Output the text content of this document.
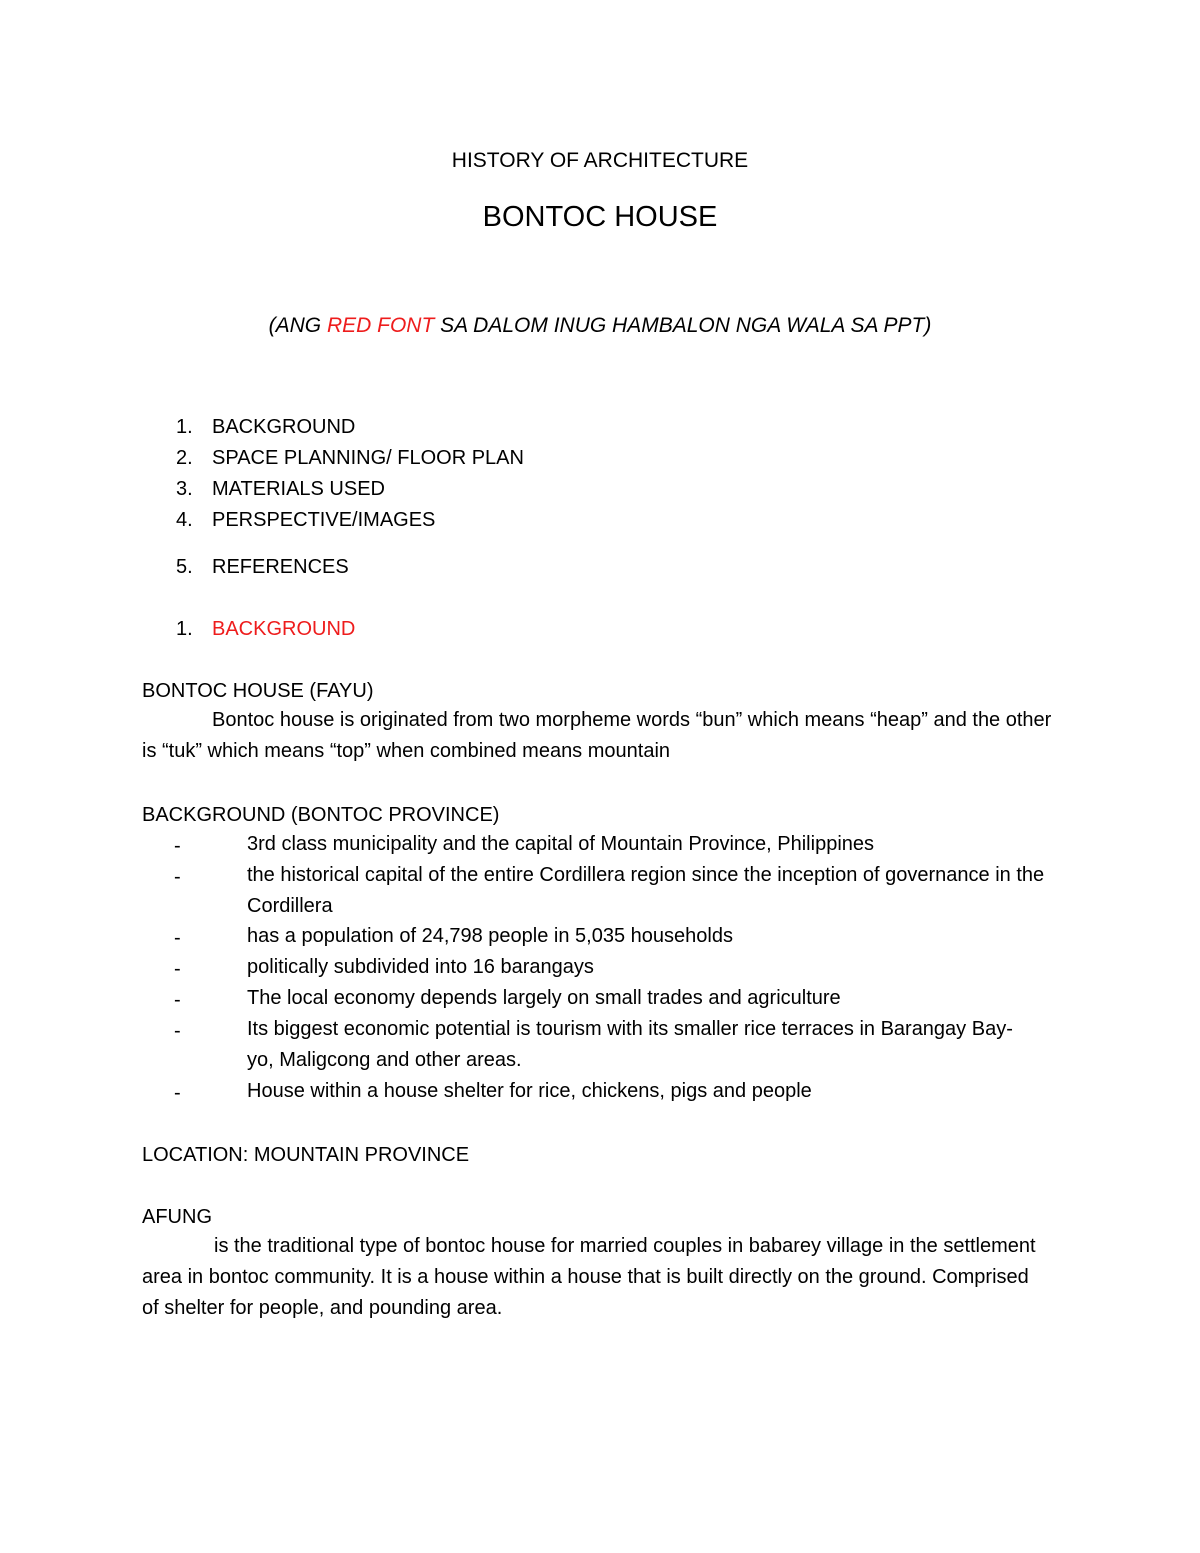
HISTORY OF ARCHITECTURE
BONTOC HOUSE
(ANG RED FONT SA DALOM INUG HAMBALON NGA WALA SA PPT)
1. BACKGROUND
2. SPACE PLANNING/ FLOOR PLAN
3. MATERIALS USED
4. PERSPECTIVE/IMAGES
5. REFERENCES
1. BACKGROUND
BONTOC HOUSE (FAYU)
Bontoc house is originated from two morpheme words “bun” which means “heap” and the other is “tuk” which means “top” when combined means mountain
BACKGROUND (BONTOC PROVINCE)
-	3rd class municipality and the capital of Mountain Province, Philippines
-	the historical capital of the entire Cordillera region since the inception of governance in the Cordillera
-	has a population of 24,798 people in 5,035 households
-	politically subdivided into 16 barangays
-	The local economy depends largely on small trades and agriculture
-	Its biggest economic potential is tourism with its smaller rice terraces in Barangay Bay-yo, Maligcong and other areas.
-	House within a house shelter for rice, chickens, pigs and people
LOCATION: MOUNTAIN PROVINCE
AFUNG
is the traditional type of bontoc house for married couples in babarey village in the settlement area in bontoc community. It is a house within a house that is built directly on the ground. Comprised of shelter for people, and pounding area.
